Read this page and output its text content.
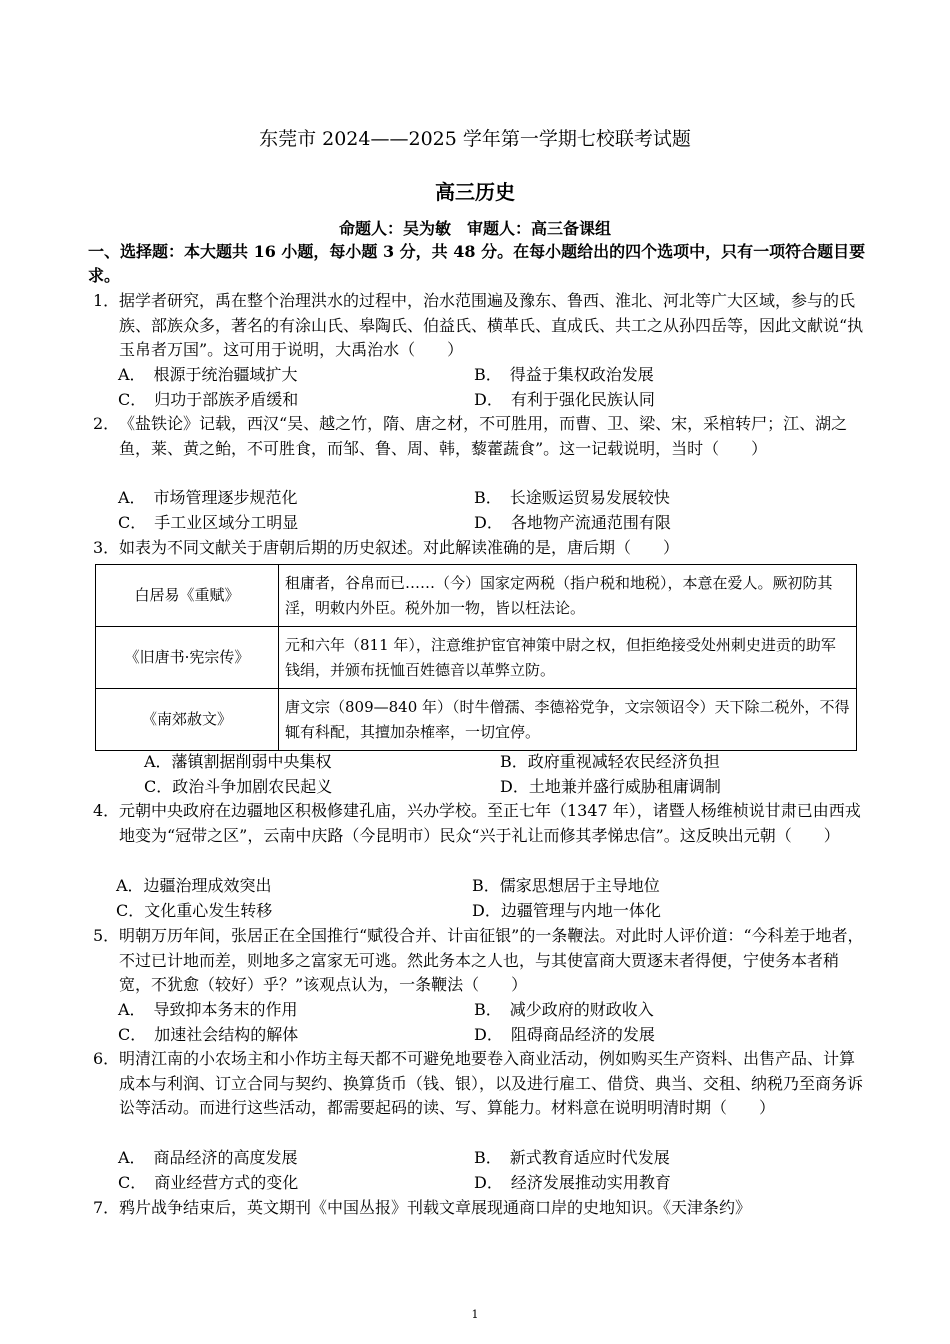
东莞市 2024——2025 学年第一学期七校联考试题
高三历史
命题人：吴为敏　审题人：高三备课组
一、选择题：本大题共 16 小题，每小题 3 分，共 48 分。在每小题给出的四个选项中，只有一项符合题目要求。
1． 据学者研究，禹在整个治理洪水的过程中，治水范围遍及豫东、鲁西、淮北、河北等广大区域，参与的氏族、部族众多，著名的有涂山氏、皋陶氏、伯益氏、横革氏、直成氏、共工之从孙四岳等，因此文献说“执玉帛者万国”。这可用于说明，大禹治水（　　）
A．　根源于统治疆域扩大	B．　得益于集权政治发展
C．　归功于部族矛盾缓和	D．　有利于强化民族认同
2． 《盐铁论》记载，西汉“吴、越之竹，隋、唐之材，不可胜用，而曹、卫、梁、宋，采棺转尸；江、湖之鱼，莱、黄之鲐，不可胜食，而邹、鲁、周、韩，藜藿蔬食”。这一记载说明，当时（　　）
A．　市场管理逐步规范化	B．　长途贩运贸易发展较快
C．　手工业区域分工明显	D．　各地物产流通范围有限
3． 如表为不同文献关于唐朝后期的历史叙述。对此解读准确的是，唐后期（　　）
白居易《重赋》	租庸者，谷帛而已……（今）国家定两税（指户税和地税），本意在爱人。厥初防其淫，明敕内外臣。税外加一物，皆以枉法论。
《旧唐书·宪宗传》	元和六年（811 年），注意维护宦官神策中尉之权，但拒绝接受处州刺史进贡的助军钱绢，并颁布抚恤百姓德音以革弊立防。
《南郊赦文》	唐文宗（809—840 年）（时牛僧孺、李德裕党争，文宗领诏令）天下除二税外，不得辄有科配，其擅加杂榷率，一切宜停。
A．藩镇割据削弱中央集权	B．政府重视减轻农民经济负担
C．政治斗争加剧农民起义	D．土地兼并盛行威胁租庸调制
4． 元朝中央政府在边疆地区积极修建孔庙，兴办学校。至正七年（1347 年），诸暨人杨维桢说甘肃已由西戎地变为“冠带之区”，云南中庆路（今昆明市）民众“兴于礼让而修其孝悌忠信”。这反映出元朝（　　）
A．边疆治理成效突出	B．儒家思想居于主导地位
C．文化重心发生转移	D．边疆管理与内地一体化
5． 明朝万历年间，张居正在全国推行“赋役合并、计亩征银”的一条鞭法。对此时人评价道：“今科差于地者，不过已计地而差，则地多之富家无可逃。然此务本之人也，与其使富商大贾逐末者得便，宁使务本者稍宽，不犹愈（较好）乎？”该观点认为，一条鞭法（　　）
A．　导致抑本务末的作用	B．　减少政府的财政收入
C．　加速社会结构的解体	D．　阻碍商品经济的发展
6． 明清江南的小农场主和小作坊主每天都不可避免地要卷入商业活动，例如购买生产资料、出售产品、计算成本与利润、订立合同与契约、换算货币（钱、银），以及进行雇工、借贷、典当、交租、纳税乃至商务诉讼等活动。而进行这些活动，都需要起码的读、写、算能力。材料意在说明明清时期（　　）
A．　商品经济的高度发展	B．　新式教育适应时代发展
C．　商业经营方式的变化	D．　经济发展推动实用教育
7． 鸦片战争结束后，英文期刊《中国丛报》刊载文章展现通商口岸的史地知识。《天津条约》
1
